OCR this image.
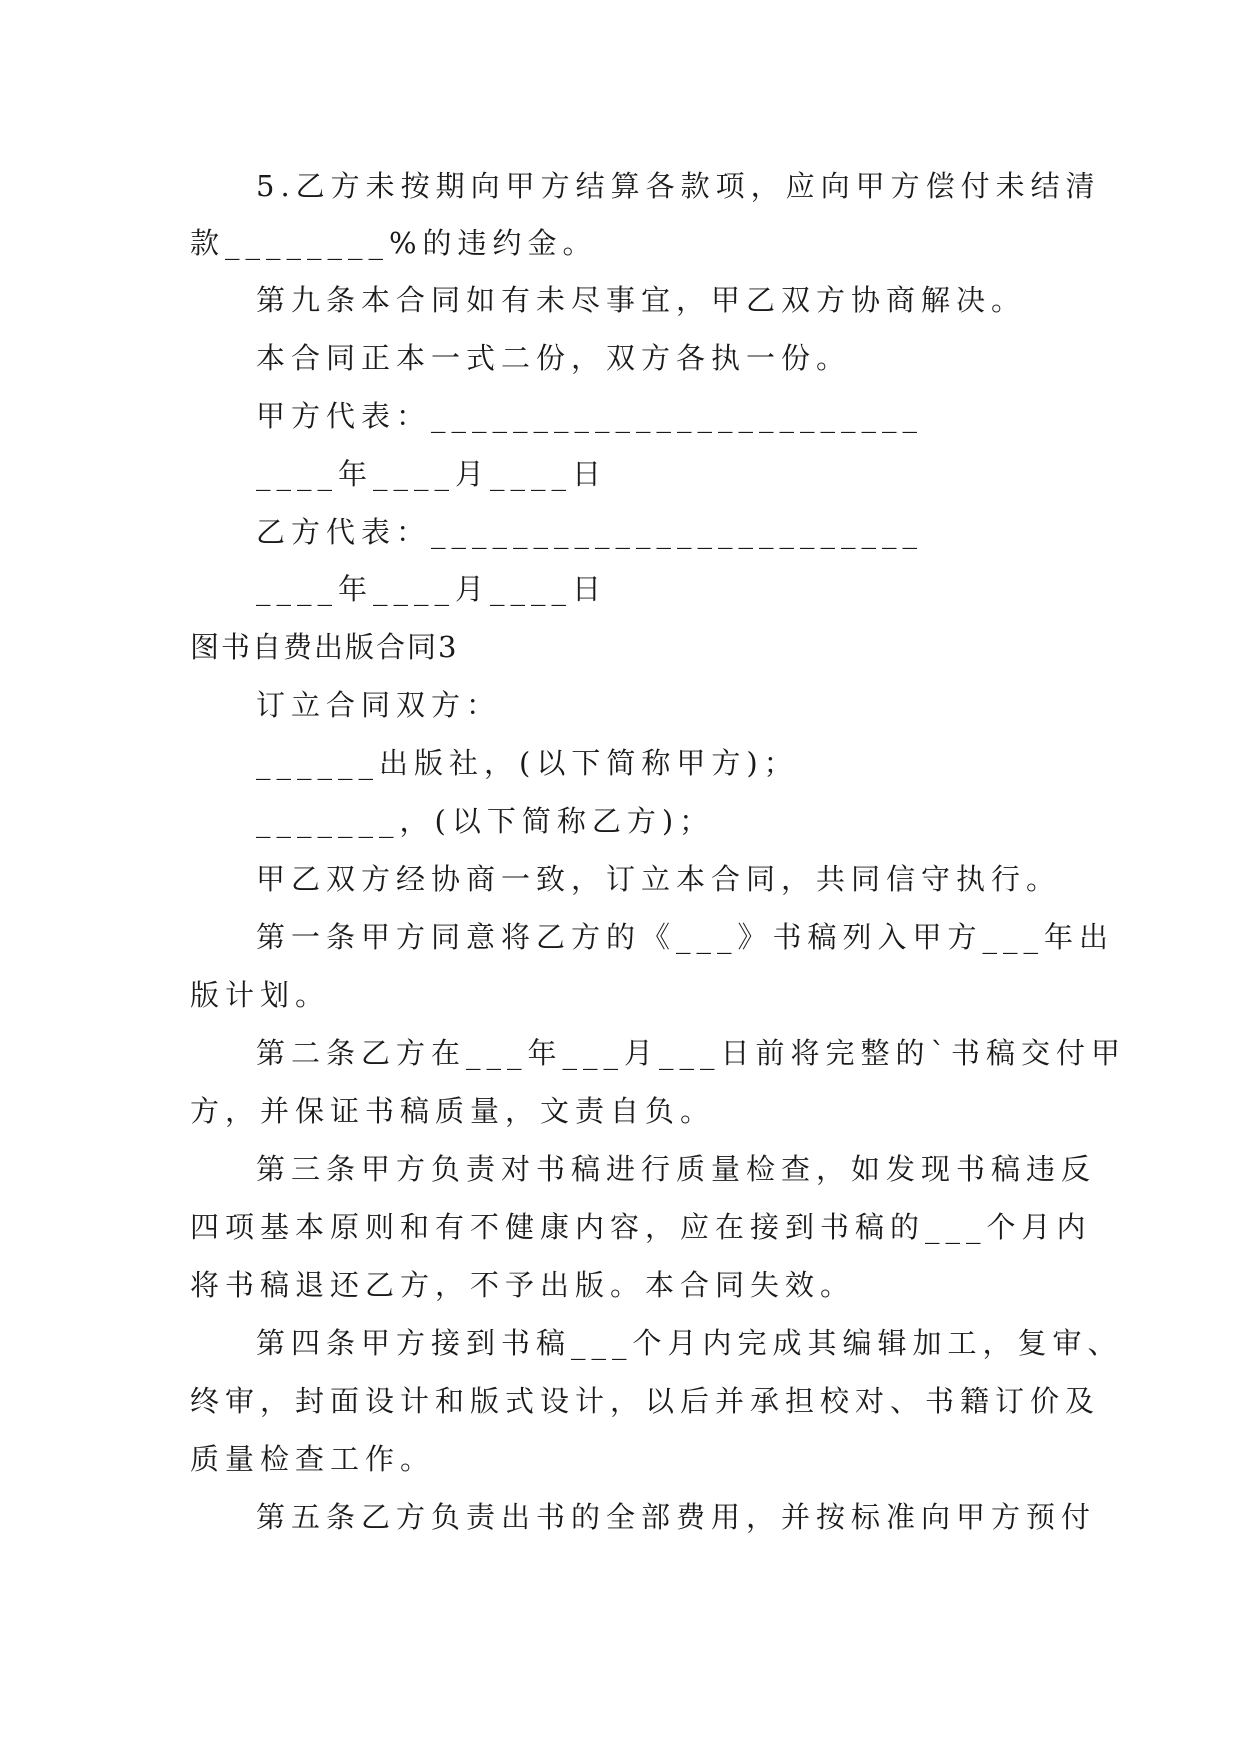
5.乙方未按期向甲方结算各款项，应向甲方偿付未结清
款________%的违约金。
第九条本合同如有未尽事宜，甲乙双方协商解决。
本合同正本一式二份，双方各执一份。
甲方代表：________________________
____年____月____日
乙方代表：________________________
____年____月____日
图书自费出版合同3
订立合同双方：
______出版社，(以下简称甲方)；
_______，(以下简称乙方)；
甲乙双方经协商一致，订立本合同，共同信守执行。
第一条甲方同意将乙方的《___》书稿列入甲方___年出
版计划。
第二条乙方在___年___月___日前将完整的`书稿交付甲
方，并保证书稿质量，文责自负。
第三条甲方负责对书稿进行质量检查，如发现书稿违反
四项基本原则和有不健康内容，应在接到书稿的___个月内
将书稿退还乙方，不予出版。本合同失效。
第四条甲方接到书稿___个月内完成其编辑加工，复审、
终审，封面设计和版式设计，以后并承担校对、书籍订价及
质量检查工作。
第五条乙方负责出书的全部费用，并按标准向甲方预付
